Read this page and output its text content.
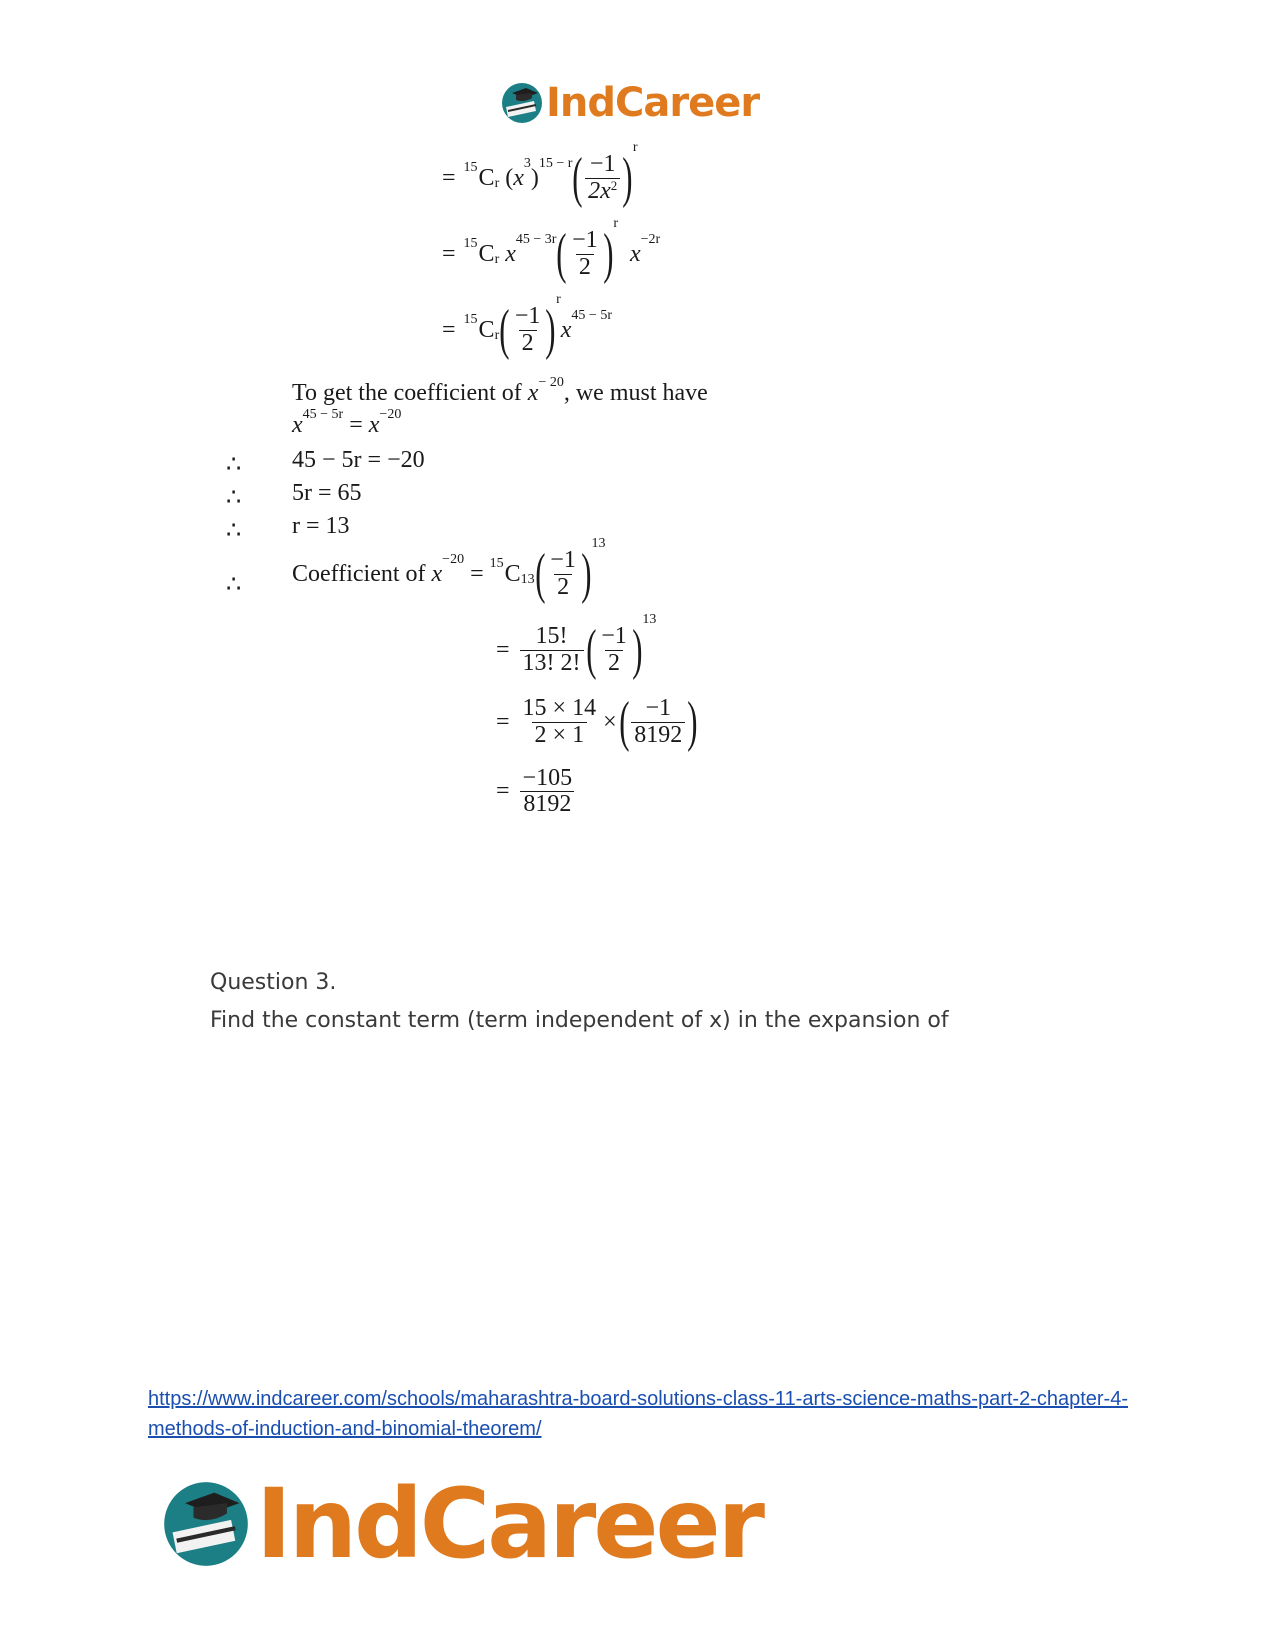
IndCareer
= 15 C r ( x
3
)
15 − r ( $\frac{-1}{2x^2}$ ) r
= 15 C r x
45 − 3r ( $\frac{-1}{2}$ ) r
x
−2r
= 15 C r ( $\frac{-1}{2}$ ) r
x
45 − 5r
To get the coefficient of $x^{- 20}$, we must have
$x^{45 - 5r} = x^{-20}$
∴ 45 − 5r = −20
∴ 5r = 65
∴ r = 13
∴ Coefficient of x
−20
= 15 C 13 ( $\frac{-1}{2}$ ) 13
= $\frac{15!}{13! 2!}$ ( $\frac{-1}{2}$ ) 13
= $\frac{15 \times 14}{2 \times 1}$ × ( $\frac{-1}{8192}$ )
= $\frac{-105}{8192}$
Question 3.
Find the constant term (term independent of x) in the expansion of
https://www.indcareer.com/schools/maharashtra-board-solutions-class-11-arts-science-maths-part-2-chapter-4-methods-of-induction-and-binomial-theorem/
IndCareer
